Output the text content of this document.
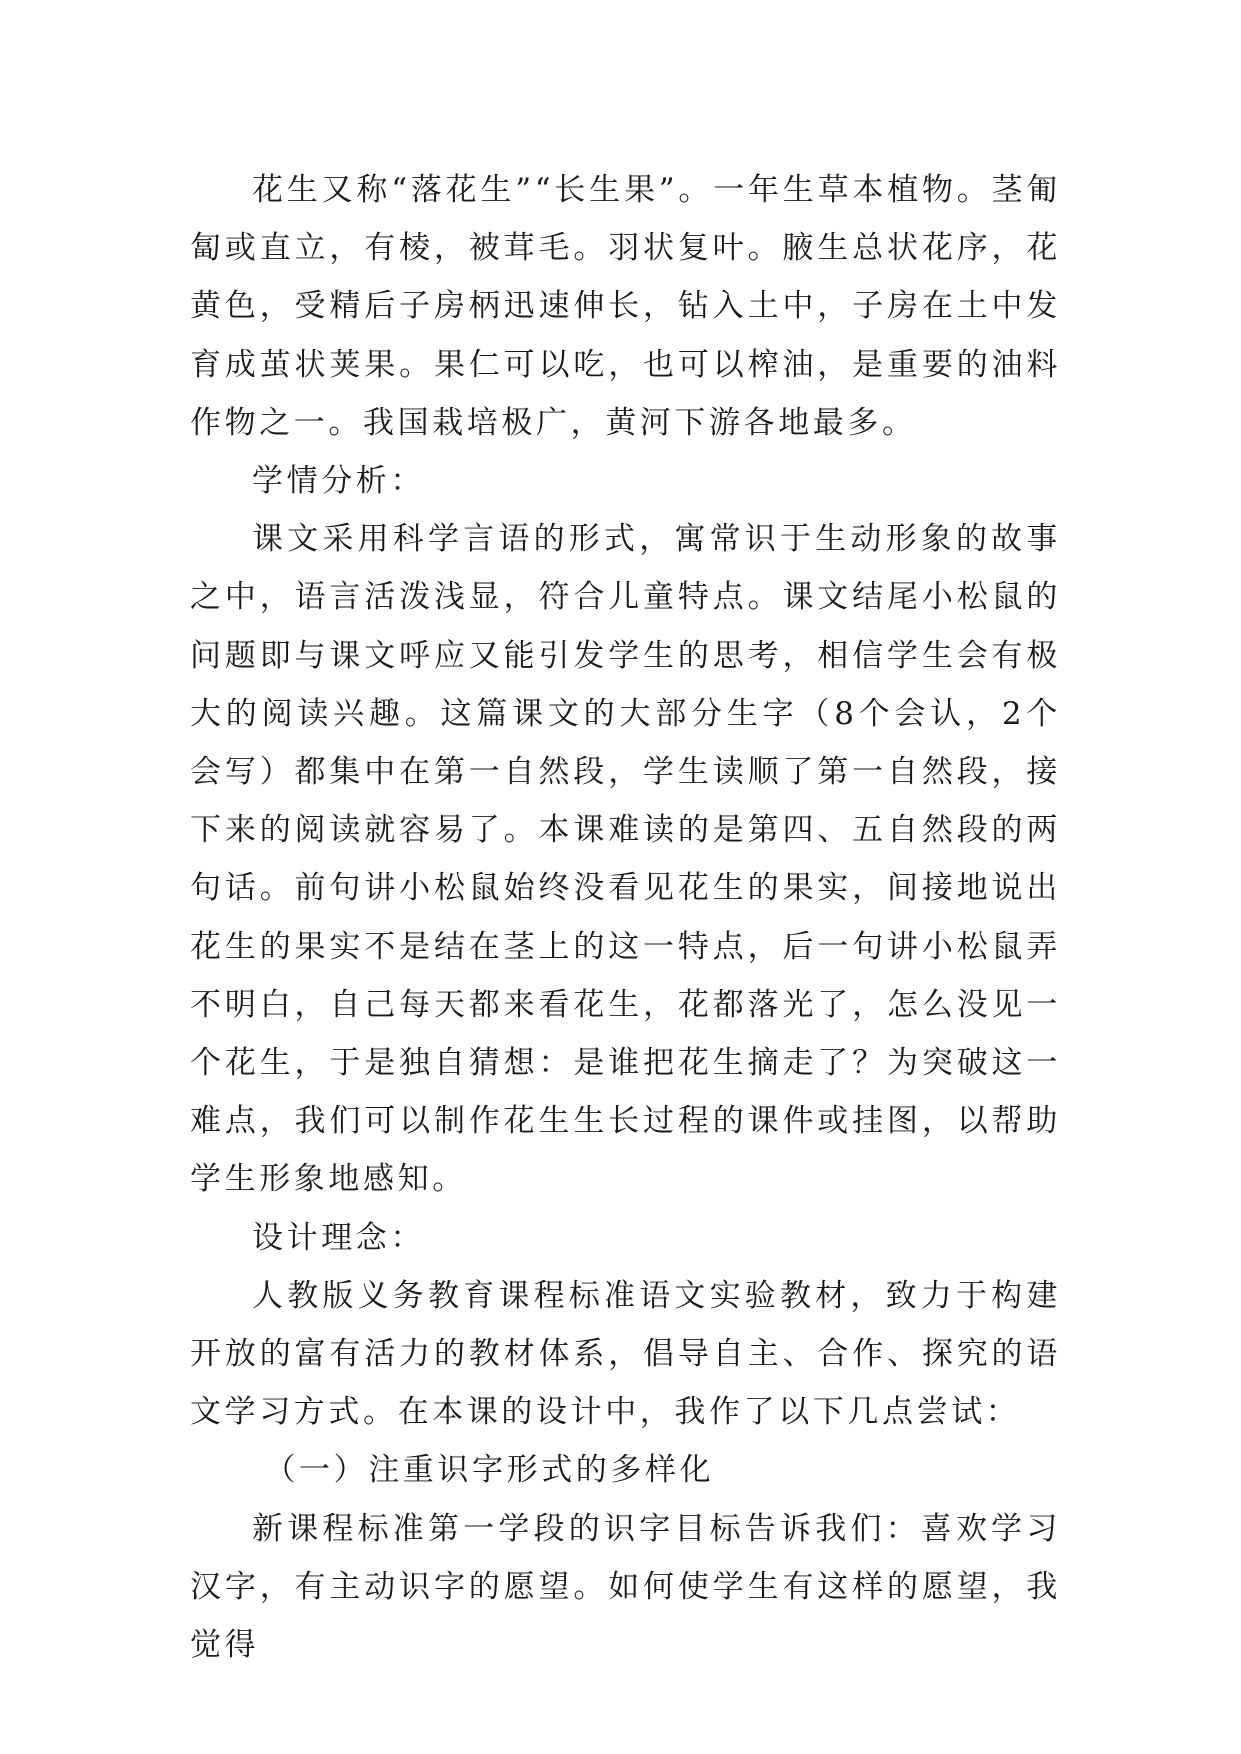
花生又称“落花生”“长生果”。一年生草本植物。茎匍匐或直立，有棱，被茸毛。羽状复叶。腋生总状花序，花黄色，受精后子房柄迅速伸长，钻入土中，子房在土中发育成茧状荚果。果仁可以吃，也可以榨油，是重要的油料作物之一。我国栽培极广，黄河下游各地最多。

学情分析：

课文采用科学言语的形式，寓常识于生动形象的故事之中，语言活泼浅显，符合儿童特点。课文结尾小松鼠的问题即与课文呼应又能引发学生的思考，相信学生会有极大的阅读兴趣。这篇课文的大部分生字（8个会认，2个会写）都集中在第一自然段，学生读顺了第一自然段，接下来的阅读就容易了。本课难读的是第四、五自然段的两句话。前句讲小松鼠始终没看见花生的果实，间接地说出花生的果实不是结在茎上的这一特点，后一句讲小松鼠弄不明白，自己每天都来看花生，花都落光了，怎么没见一个花生，于是独自猜想：是谁把花生摘走了？为突破这一难点，我们可以制作花生生长过程的课件或挂图，以帮助学生形象地感知。

设计理念：

人教版义务教育课程标准语文实验教材，致力于构建开放的富有活力的教材体系，倡导自主、合作、探究的语文学习方式。在本课的设计中，我作了以下几点尝试：

（一）注重识字形式的多样化

新课程标准第一学段的识字目标告诉我们：喜欢学习汉字，有主动识字的愿望。如何使学生有这样的愿望，我觉得
